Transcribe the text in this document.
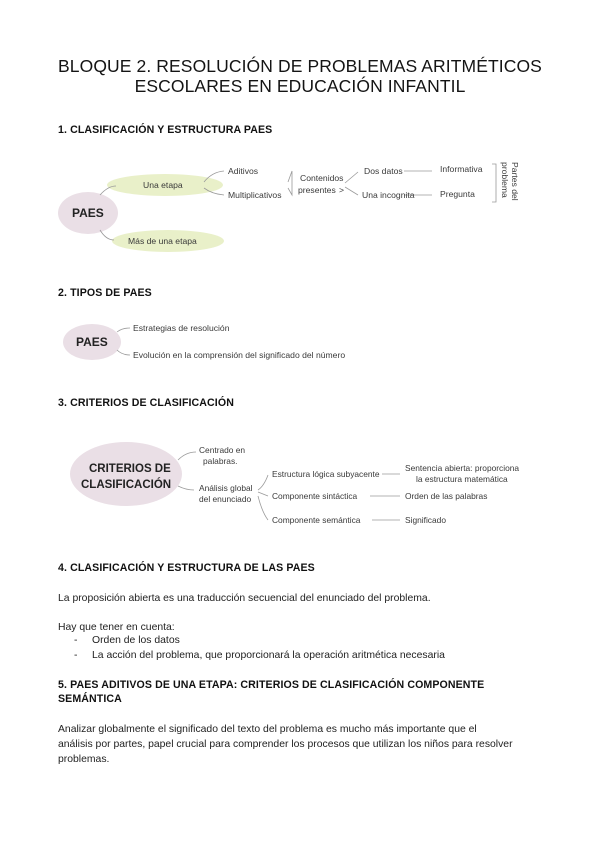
BLOQUE 2. RESOLUCIÓN DE PROBLEMAS ARITMÉTICOS
ESCOLARES EN EDUCACIÓN INFANTIL
1. CLASIFICACIÓN Y ESTRUCTURA PAES
PAES
Una etapa
Más de una etapa
Aditivos
Multiplicativos
Contenidos
presentes >
Dos datos
Una incognita
Informativa
Pregunta	Partes del
problema
2. TIPOS DE PAES
PAES
Estrategias de resolución
Evolución en la comprensión del significado del número
3. CRITERIOS DE CLASIFICACIÓN
CRITERIOS DE
CLASIFICACIÓN
Centrado en
palabras.
Análisis global
del enunciado
Estructura lógica subyacente
Componente sintáctica
Componente semántica
Sentencia abierta: proporciona
la estructura matemática
Orden de las palabras
Significado
4. CLASIFICACIÓN Y ESTRUCTURA DE LAS PAES
La proposición abierta es una traducción secuencial del enunciado del problema.
Hay que tener en cuenta:
- Orden de los datos
- La acción del problema, que proporcionará la operación aritmética necesaria
5. PAES ADITIVOS DE UNA ETAPA: CRITERIOS DE CLASIFICACIÓN COMPONENTE
SEMÁNTICA
Analizar globalmente el significado del texto del problema es mucho más importante que el
análisis por partes, papel crucial para comprender los procesos que utilizan los niños para resolver
problemas.
